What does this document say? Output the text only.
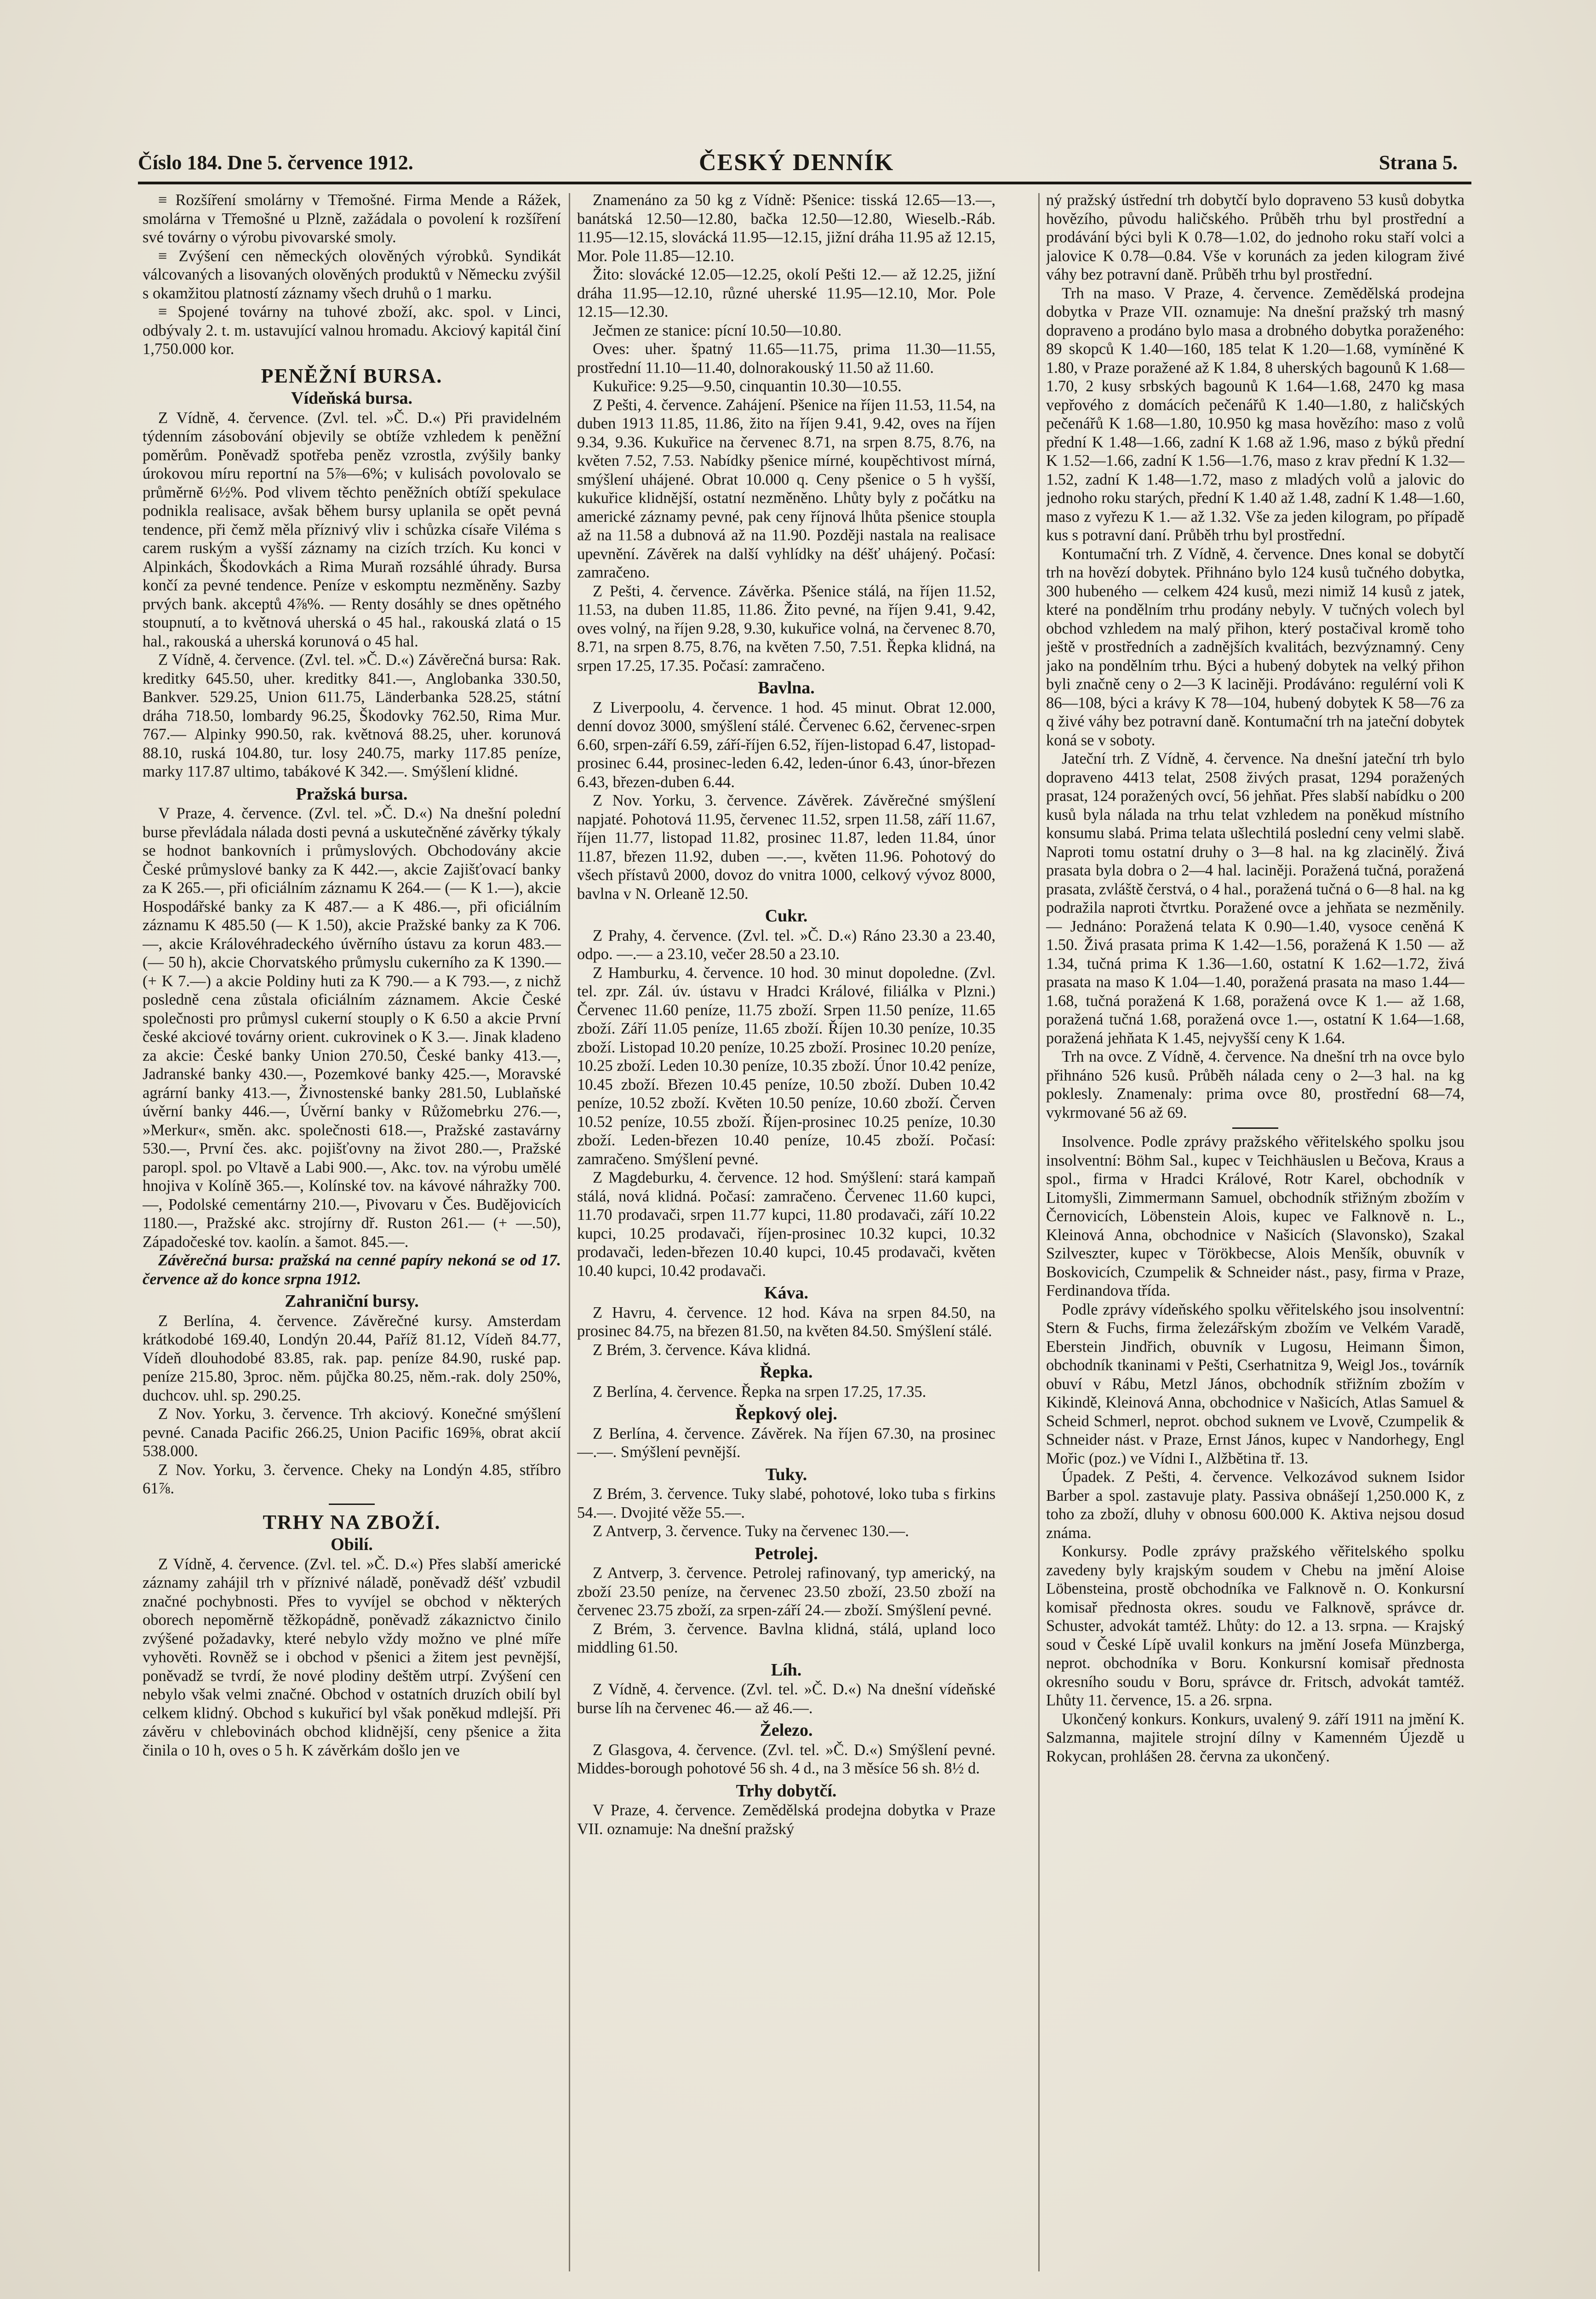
Číslo 184. Dne 5. července 1912.	ČESKÝ DENNÍK	Strana 5.

≡ Rozšíření smolárny v Třemošné. Firma Mende a Rážek, smolárna v Třemošné u Plzně, zažádala o povolení k rozšíření své továrny o výrobu pivovarské smoly.

≡ Zvýšení cen německých olověných výrobků. Syndikát válcovaných a lisovaných olověných produktů v Německu zvýšil s okamžitou platností záznamy všech druhů o 1 marku.

≡ Spojené továrny na tuhové zboží, akc. spol. v Linci, odbývaly 2. t. m. ustavující valnou hromadu. Akciový kapitál činí 1,750.000 kor.

PENĚŽNÍ BURSA.
Vídeňská bursa.

Z Vídně, 4. července. (Zvl. tel. »Č. D.«) Při pravidelném týdenním zásobování objevily se obtíže vzhledem k peněžní poměrům. Poněvadž spotřeba peněz vzrostla, zvýšily banky úrokovou míru reportní na 5⅞—6%; v kulisách povolovalo se průměrně 6½%. Pod vlivem těchto peněžních obtíží spekulace podnikla realisace, avšak během bursy uplanila se opět pevná tendence, při čemž měla příznivý vliv i schůzka císaře Viléma s carem ruským a vyšší záznamy na cizích trzích. Ku konci v Alpinkách, Škodovkách a Rima Muraň rozsáhlé úhrady. Bursa končí za pevné tendence. Peníze v eskomptu nezměněny. Sazby prvých bank. akceptů 4⅞%. — Renty dosáhly se dnes opětného stoupnutí, a to květnová uherská o 45 hal., rakouská zlatá o 15 hal., rakouská a uherská korunová o 45 hal.

Z Vídně, 4. července. (Zvl. tel. »Č. D.«) Závěrečná bursa: Rak. kreditky 645.50, uher. kreditky 841.—, Anglobanka 330.50, Bankver. 529.25, Union 611.75, Länderbanka 528.25, státní dráha 718.50, lombardy 96.25, Škodovky 762.50, Rima Mur. 767.— Alpinky 990.50, rak. květnová 88.25, uher. korunová 88.10, ruská 104.80, tur. losy 240.75, marky 117.85 peníze, marky 117.87 ultimo, tabákové K 342.—. Smýšlení klidné.

Pražská bursa.

V Praze, 4. července. (Zvl. tel. »Č. D.«) Na dnešní polední burse převládala nálada dosti pevná a uskutečněné závěrky týkaly se hodnot bankovních i průmyslových. Obchodovány akcie České průmyslové banky za K 442.—, akcie Zajišťovací banky za K 265.—, při oficiálním záznamu K 264.— (— K 1.—), akcie Hospodářské banky za K 487.— a K 486.—, při oficiálním záznamu K 485.50 (— K 1.50), akcie Pražské banky za K 706.—, akcie Královéhradeckého úvěrního ústavu za korun 483.— (— 50 h), akcie Chorvatského průmyslu cukerního za K 1390.— (+ K 7.—) a akcie Poldiny huti za K 790.— a K 793.—, z nichž posledně cena zůstala oficiálním záznamem. Akcie České společnosti pro průmysl cukerní stouply o K 6.50 a akcie První české akciové továrny orient. cukrovinek o K 3.—. Jinak kladeno za akcie: České banky Union 270.50, České banky 413.—, Jadranské banky 430.—, Pozemkové banky 425.—, Moravské agrární banky 413.—, Živnostenské banky 281.50, Lublaňské úvěrní banky 446.—, Úvěrní banky v Růžomebrku 276.—, »Merkur«, směn. akc. společnosti 618.—, Pražské zastavárny 530.—, První čes. akc. pojišťovny na život 280.—, Pražské paropl. spol. po Vltavě a Labi 900.—, Akc. tov. na výrobu umělé hnojiva v Kolíně 365.—, Kolínské tov. na kávové náhražky 700.—, Podolské cementárny 210.—, Pivovaru v Čes. Budějovicích 1180.—, Pražské akc. strojírny dř. Ruston 261.— (+ —.50), Západočeské tov. kaolín. a šamot. 845.—.

Závěrečná bursa: pražská na cenné papíry nekoná se od 17. července až do konce srpna 1912.

Zahraniční bursy.

Z Berlína, 4. července. Závěrečné kursy. Amsterdam krátkodobé 169.40, Londýn 20.44, Paříž 81.12, Vídeň 84.77, Vídeň dlouhodobé 83.85, rak. pap. peníze 84.90, ruské pap. peníze 215.80, 3proc. něm. půjčka 80.25, něm.-rak. doly 250%, duchcov. uhl. sp. 290.25.

Z Nov. Yorku, 3. července. Trh akciový. Konečné smýšlení pevné. Canada Pacific 266.25, Union Pacific 169⅝, obrat akcií 538.000.

Z Nov. Yorku, 3. července. Cheky na Londýn 4.85, stříbro 61⅞.

TRHY NA ZBOŽÍ.
Obilí.

Z Vídně, 4. července. (Zvl. tel. »Č. D.«) Přes slabší americké záznamy zahájil trh v příznivé náladě, poněvadž déšť vzbudil značné pochybnosti. Přes to vyvíjel se obchod v některých oborech nepoměrně těžkopádně, poněvadž zákaznictvo činilo zvýšené požadavky, které nebylo vždy možno ve plné míře vyhověti. Rovněž se i obchod v pšenici a žitem jest pevnější, poněvadž se tvrdí, že nové plodiny deštěm utrpí. Zvýšení cen nebylo však velmi značné. Obchod v ostatních druzích obilí byl celkem klidný. Obchod s kukuřicí byl však poněkud mdlejší. Při závěru v chlebovinách obchod klidnější, ceny pšenice a žita činila o 10 h, oves o 5 h. K závěrkám došlo jen ve

Znamenáno za 50 kg z Vídně: Pšenice: tisská 12.65—13.—, banátská 12.50—12.80, bačka 12.50—12.80, Wieselb.-Ráb. 11.95—12.15, slovácká 11.95—12.15, jižní dráha 11.95 až 12.15, Mor. Pole 11.85—12.10.

Žito: slovácké 12.05—12.25, okolí Pešti 12.— až 12.25, jižní dráha 11.95—12.10, různé uherské 11.95—12.10, Mor. Pole 12.15—12.30.

Ječmen ze stanice: pícní 10.50—10.80.

Oves: uher. špatný 11.65—11.75, prima 11.30—11.55, prostřední 11.10—11.40, dolnorakouský 11.50 až 11.60.

Kukuřice: 9.25—9.50, cinquantin 10.30—10.55.

Z Pešti, 4. července. Zahájení. Pšenice na říjen 11.53, 11.54, na duben 1913 11.85, 11.86, žito na říjen 9.41, 9.42, oves na říjen 9.34, 9.36. Kukuřice na červenec 8.71, na srpen 8.75, 8.76, na květen 7.52, 7.53. Nabídky pšenice mírné, koupěchtivost mírná, smýšlení uhájené. Obrat 10.000 q. Ceny pšenice o 5 h vyšší, kukuřice klidnější, ostatní nezměněno. Lhůty byly z počátku na americké záznamy pevné, pak ceny říjnová lhůta pšenice stoupla až na 11.58 a dubnová až na 11.90. Později nastala na realisace upevnění. Závěrek na další vyhlídky na déšť uhájený. Počasí: zamračeno.

Z Pešti, 4. července. Závěrka. Pšenice stálá, na říjen 11.52, 11.53, na duben 11.85, 11.86. Žito pevné, na říjen 9.41, 9.42, oves volný, na říjen 9.28, 9.30, kukuřice volná, na červenec 8.70, 8.71, na srpen 8.75, 8.76, na květen 7.50, 7.51. Řepka klidná, na srpen 17.25, 17.35. Počasí: zamračeno.

Bavlna.

Z Liverpoolu, 4. července. 1 hod. 45 minut. Obrat 12.000, denní dovoz 3000, smýšlení stálé. Červenec 6.62, červenec-srpen 6.60, srpen-září 6.59, září-říjen 6.52, říjen-listopad 6.47, listopad-prosinec 6.44, prosinec-leden 6.42, leden-únor 6.43, únor-březen 6.43, březen-duben 6.44.

Z Nov. Yorku, 3. července. Závěrek. Závěrečné smýšlení napjaté. Pohotová 11.95, červenec 11.52, srpen 11.58, září 11.67, říjen 11.77, listopad 11.82, prosinec 11.87, leden 11.84, únor 11.87, březen 11.92, duben —.—, květen 11.96. Pohotový do všech přístavů 2000, dovoz do vnitra 1000, celkový vývoz 8000, bavlna v N. Orleaně 12.50.

Cukr.

Z Prahy, 4. července. (Zvl. tel. »Č. D.«) Ráno 23.30 a 23.40, odpo. —.— a 23.10, večer 28.50 a 23.10.

Z Hamburku, 4. července. 10 hod. 30 minut dopoledne. (Zvl. tel. zpr. Zál. úv. ústavu v Hradci Králové, filiálka v Plzni.) Červenec 11.60 peníze, 11.75 zboží. Srpen 11.50 peníze, 11.65 zboží. Září 11.05 peníze, 11.65 zboží. Říjen 10.30 peníze, 10.35 zboží. Listopad 10.20 peníze, 10.25 zboží. Prosinec 10.20 peníze, 10.25 zboží. Leden 10.30 peníze, 10.35 zboží. Únor 10.42 peníze, 10.45 zboží. Březen 10.45 peníze, 10.50 zboží. Duben 10.42 peníze, 10.52 zboží. Květen 10.50 peníze, 10.60 zboží. Červen 10.52 peníze, 10.55 zboží. Říjen-prosinec 10.25 peníze, 10.30 zboží. Leden-březen 10.40 peníze, 10.45 zboží. Počasí: zamračeno. Smýšlení pevné.

Z Magdeburku, 4. července. 12 hod. Smýšlení: stará kampaň stálá, nová klidná. Počasí: zamračeno. Červenec 11.60 kupci, 11.70 prodavači, srpen 11.77 kupci, 11.80 prodavači, září 10.22 kupci, 10.25 prodavači, říjen-prosinec 10.32 kupci, 10.32 prodavači, leden-březen 10.40 kupci, 10.45 prodavači, květen 10.40 kupci, 10.42 prodavači.

Káva.

Z Havru, 4. července. 12 hod. Káva na srpen 84.50, na prosinec 84.75, na březen 81.50, na květen 84.50. Smýšlení stálé.

Z Brém, 3. července. Káva klidná.

Řepka.

Z Berlína, 4. července. Řepka na srpen 17.25, 17.35.

Řepkový olej.

Z Berlína, 4. července. Závěrek. Na říjen 67.30, na prosinec —.—. Smýšlení pevnější.

Tuky.

Z Brém, 3. července. Tuky slabé, pohotové, loko tuba s firkins 54.—. Dvojité věže 55.—.

Z Antverp, 3. července. Tuky na červenec 130.—.

Petrolej.

Z Antverp, 3. července. Petrolej rafinovaný, typ americký, na zboží 23.50 peníze, na červenec 23.50 zboží, 23.50 zboží na červenec 23.75 zboží, za srpen-září 24.— zboží. Smýšlení pevné.

Z Brém, 3. července. Bavlna klidná, stálá, upland loco middling 61.50.

Líh.

Z Vídně, 4. července. (Zvl. tel. »Č. D.«) Na dnešní vídeňské burse líh na červenec 46.— až 46.—.

Železo.

Z Glasgova, 4. července. (Zvl. tel. »Č. D.«) Smýšlení pevné. Middes-borough pohotové 56 sh. 4 d., na 3 měsíce 56 sh. 8½ d.

Trhy dobytčí.

V Praze, 4. července. Zemědělská prodejna dobytka v Praze VII. oznamuje: Na dnešní pražský

ný pražský ústřední trh dobytčí bylo dopraveno 53 kusů dobytka hovězího, původu haličského. Průběh trhu byl prostřední a prodávání býci byli K 0.78—1.02, do jednoho roku staří volci a jalovice K 0.78—0.84. Vše v korunách za jeden kilogram živé váhy bez potravní daně. Průběh trhu byl prostřední.

Trh na maso. V Praze, 4. července. Zemědělská prodejna dobytka v Praze VII. oznamuje: Na dnešní pražský trh masný dopraveno a prodáno bylo masa a drobného dobytka poraženého: 89 skopců K 1.40—160, 185 telat K 1.20—1.68, vymíněné K 1.80, v Praze poražené až K 1.84, 8 uherských bagounů K 1.68—1.70, 2 kusy srbských bagounů K 1.64—1.68, 2470 kg masa vepřového z domácích pečenářů K 1.40—1.80, z haličských pečenářů K 1.68—1.80, 10.950 kg masa hovězího: maso z volů přední K 1.48—1.66, zadní K 1.68 až 1.96, maso z býků přední K 1.52—1.66, zadní K 1.56—1.76, maso z krav přední K 1.32—1.52, zadní K 1.48—1.72, maso z mladých volů a jalovic do jednoho roku starých, přední K 1.40 až 1.48, zadní K 1.48—1.60, maso z vyřezu K 1.— až 1.32. Vše za jeden kilogram, po případě kus s potravní daní. Průběh trhu byl prostřední.

Kontumační trh. Z Vídně, 4. července. Dnes konal se dobytčí trh na hovězí dobytek. Přihnáno bylo 124 kusů tučného dobytka, 300 hubeného — celkem 424 kusů, mezi nimiž 14 kusů z jatek, které na pondělním trhu prodány nebyly. V tučných volech byl obchod vzhledem na malý přihon, který postačival kromě toho ještě v prostředních a zadnějších kvalitách, bezvýznamný. Ceny jako na pondělním trhu. Býci a hubený dobytek na velký přihon byli značně ceny o 2—3 K laciněji. Prodáváno: regulérní voli K 86—108, býci a krávy K 78—104, hubený dobytek K 58—76 za q živé váhy bez potravní daně. Kontumační trh na jateční dobytek koná se v soboty.

Jateční trh. Z Vídně, 4. července. Na dnešní jateční trh bylo dopraveno 4413 telat, 2508 živých prasat, 1294 poražených prasat, 124 poražených ovcí, 56 jehňat. Přes slabší nabídku o 200 kusů byla nálada na trhu telat vzhledem na poněkud místního konsumu slabá. Prima telata ušlechtilá poslední ceny velmi slabě. Naproti tomu ostatní druhy o 3—8 hal. na kg zlacinělý. Živá prasata byla dobra o 2—4 hal. laciněji. Poražená tučná, poražená prasata, zvláště čerstvá, o 4 hal., poražená tučná o 6—8 hal. na kg podražila naproti čtvrtku. Poražené ovce a jehňata se nezměnily. — Jednáno: Poražená telata K 0.90—1.40, vysoce ceněná K 1.50. Živá prasata prima K 1.42—1.56, poražená K 1.50 — až 1.34, tučná prima K 1.36—1.60, ostatní K 1.62—1.72, živá prasata na maso K 1.04—1.40, poražená prasata na maso 1.44—1.68, tučná poražená K 1.68, poražená ovce K 1.— až 1.68, poražená tučná 1.68, poražená ovce 1.—, ostatní K 1.64—1.68, poražená jehňata K 1.45, nejvyšší ceny K 1.64.

Trh na ovce. Z Vídně, 4. července. Na dnešní trh na ovce bylo přihnáno 526 kusů. Průběh nálada ceny o 2—3 hal. na kg poklesly. Znamenaly: prima ovce 80, prostřední 68—74, vykrmované 56 až 69.

Insolvence. Podle zprávy pražského věřitelského spolku jsou insolventní: Böhm Sal., kupec v Teichhäuslen u Bečova, Kraus a spol., firma v Hradci Králové, Rotr Karel, obchodník v Litomyšli, Zimmermann Samuel, obchodník střižným zbožím v Černovicích, Löbenstein Alois, kupec ve Falknově n. L., Kleinová Anna, obchodnice v Našicích (Slavonsko), Szakal Szilveszter, kupec v Törökbecse, Alois Menšík, obuvník v Boskovicích, Czumpelik & Schneider nást., pasy, firma v Praze, Ferdinandova třída.

Podle zprávy vídeňského spolku věřitelského jsou insolventní: Stern & Fuchs, firma železářským zbožím ve Velkém Varadě, Eberstein Jindřich, obuvník v Lugosu, Heimann Šimon, obchodník tkaninami v Pešti, Cserhatnitza 9, Weigl Jos., továrník obuví v Rábu, Metzl János, obchodník střižním zbožím v Kikindě, Kleinová Anna, obchodnice v Našicích, Atlas Samuel & Scheid Schmerl, neprot. obchod suknem ve Lvově, Czumpelik & Schneider nást. v Praze, Ernst János, kupec v Nandorhegy, Engl Mořic (poz.) ve Vídni I., Alžbětina tř. 13.

Úpadek. Z Pešti, 4. července. Velkozávod suknem Isidor Barber a spol. zastavuje platy. Passiva obnášejí 1,250.000 K, z toho za zboží, dluhy v obnosu 600.000 K. Aktiva nejsou dosud známa.

Konkursy. Podle zprávy pražského věřitelského spolku zavedeny byly krajským soudem v Chebu na jmění Aloise Löbensteina, prostě obchodníka ve Falknově n. O. Konkursní komisař přednosta okres. soudu ve Falknově, správce dr. Schuster, advokát tamtéž. Lhůty: do 12. a 13. srpna. — Krajský soud v České Lípě uvalil konkurs na jmění Josefa Münzberga, neprot. obchodníka v Boru. Konkursní komisař přednosta okresního soudu v Boru, správce dr. Fritsch, advokát tamtéž. Lhůty 11. července, 15. a 26. srpna.

Ukončený konkurs. Konkurs, uvalený 9. září 1911 na jmění K. Salzmanna, majitele strojní dílny v Kamenném Újezdě u Rokycan, prohlášen 28. června za ukončený.
